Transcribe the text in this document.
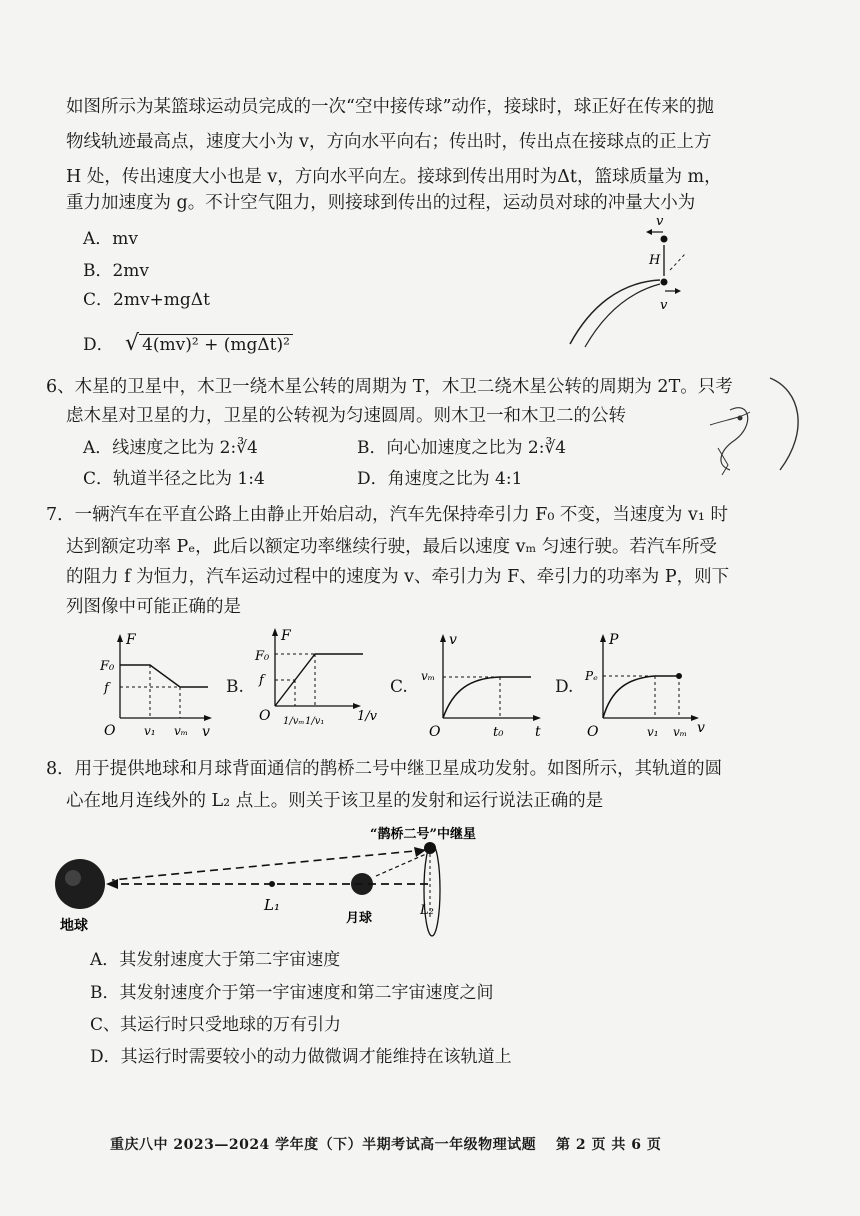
如图所示为某篮球运动员完成的一次“空中接传球”动作，接球时，球正好在传来的抛
物线轨迹最高点，速度大小为 v，方向水平向右；传出时，传出点在接球点的正上方
H 处，传出速度大小也是 v，方向水平向左。接球到传出用时为Δt，篮球质量为 m，
重力加速度为 g。不计空气阻力，则接球到传出的过程，运动员对球的冲量大小为
A．mv
B．2mv
C．2mv+mgΔt
D． √ 4(mv)² + (mgΔt)²
v
H
v
6、木星的卫星中，木卫一绕木星公转的周期为 T，木卫二绕木星公转的周期为 2T。只考
虑木星对卫星的力，卫星的公转视为匀速圆周。则木卫一和木卫二的公转
A．线速度之比为 2:∛4	B．向心加速度之比为 2:∛4
C．轨道半径之比为 1:4	D．角速度之比为 4:1
7．一辆汽车在平直公路上由静止开始启动，汽车先保持牵引力 F₀ 不变，当速度为 v₁ 时
达到额定功率 Pₑ，此后以额定功率继续行驶，最后以速度 vₘ 匀速行驶。若汽车所受
的阻力 f 为恒力，汽车运动过程中的速度为 v、牵引力为 F、牵引力的功率为 P，则下
列图像中可能正确的是
F
v
O
F₀
f
v₁ vₘ
B.
F
1/v
O
F₀
f
1/vₘ 1/v₁
C.
v
t
O
vₘ
t₀
D.
P
v
O
Pₑ
v₁ vₘ
8．用于提供地球和月球背面通信的鹊桥二号中继卫星成功发射。如图所示，其轨道的圆
心在地月连线外的 L₂ 点上。则关于该卫星的发射和运行说法正确的是
“鹊桥二号”中继星
地球	月球
L₁	L₂
A．其发射速度大于第二宇宙速度
B．其发射速度介于第一宇宙速度和第二宇宙速度之间
C、其运行时只受地球的万有引力
D．其运行时需要较小的动力做微调才能维持在该轨道上
重庆八中 2023—2024 学年度（下）半期考试高一年级物理试题 第 2 页 共 6 页
